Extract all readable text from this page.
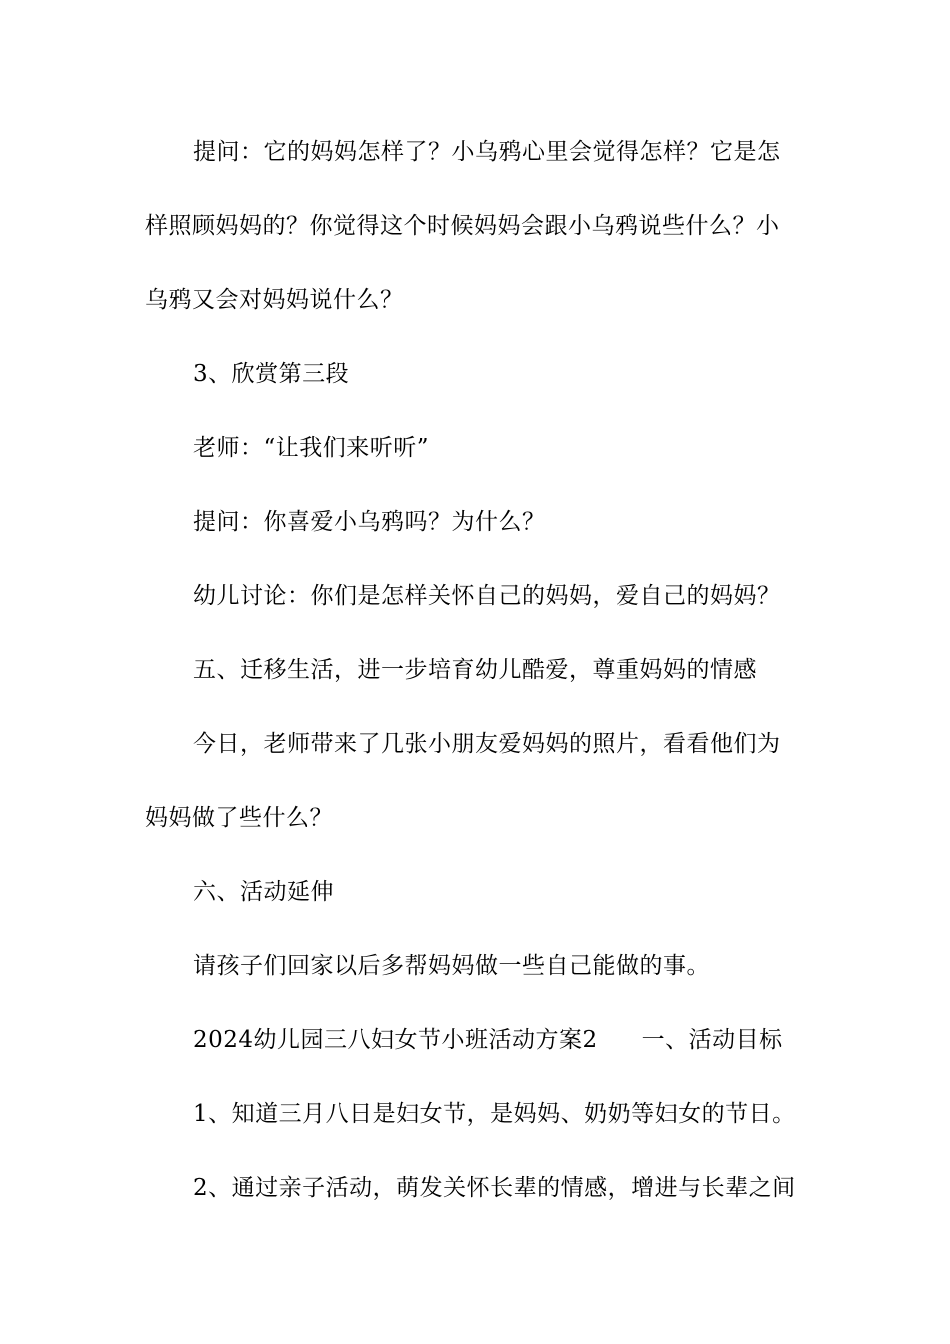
提问：它的妈妈怎样了？小乌鸦心里会觉得怎样？它是怎
样照顾妈妈的？你觉得这个时候妈妈会跟小乌鸦说些什么？小
乌鸦又会对妈妈说什么？
3、欣赏第三段
老师：“让我们来听听”
提问：你喜爱小乌鸦吗？为什么？
幼儿讨论：你们是怎样关怀自己的妈妈，爱自己的妈妈？
五、迁移生活，进一步培育幼儿酷爱，尊重妈妈的情感
今日，老师带来了几张小朋友爱妈妈的照片，看看他们为
妈妈做了些什么？
六、活动延伸
请孩子们回家以后多帮妈妈做一些自己能做的事。
2024幼儿园三八妇女节小班活动方案2 一、活动目标
1、知道三月八日是妇女节，是妈妈、奶奶等妇女的节日。
2、通过亲子活动，萌发关怀长辈的情感，增进与长辈之间
